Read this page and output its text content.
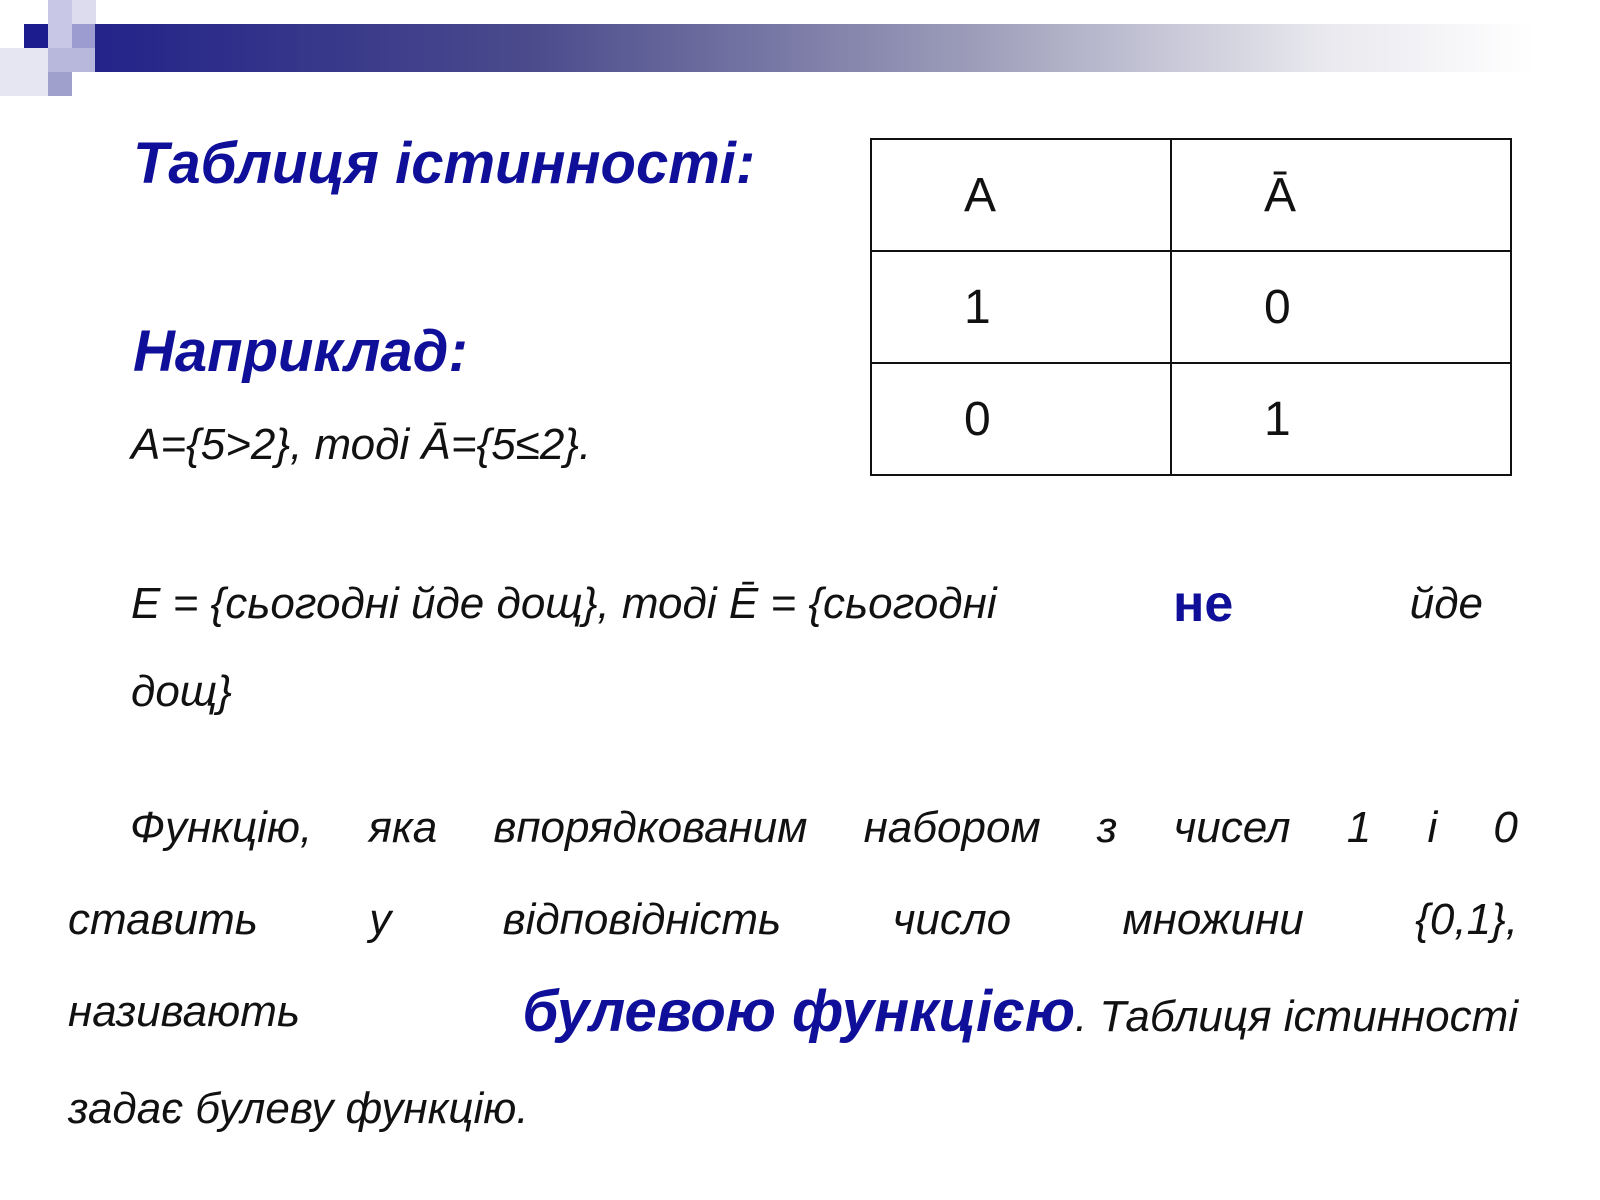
Таблиця істинності:	A	Ā
1	0
0	1
Наприклад:

A={5>2}, тоді Ā={5≤2}.

E = {сьогодні йде дощ}, тоді Ē = {сьогодні	не	йде
дощ}
Функцію, яка впорядкованим набором з чисел 1 і 0
ставить	у	відповідність	число	множини	{0,1},
називають	булевою функцією. Таблиця істинності
задає булеву функцію.
